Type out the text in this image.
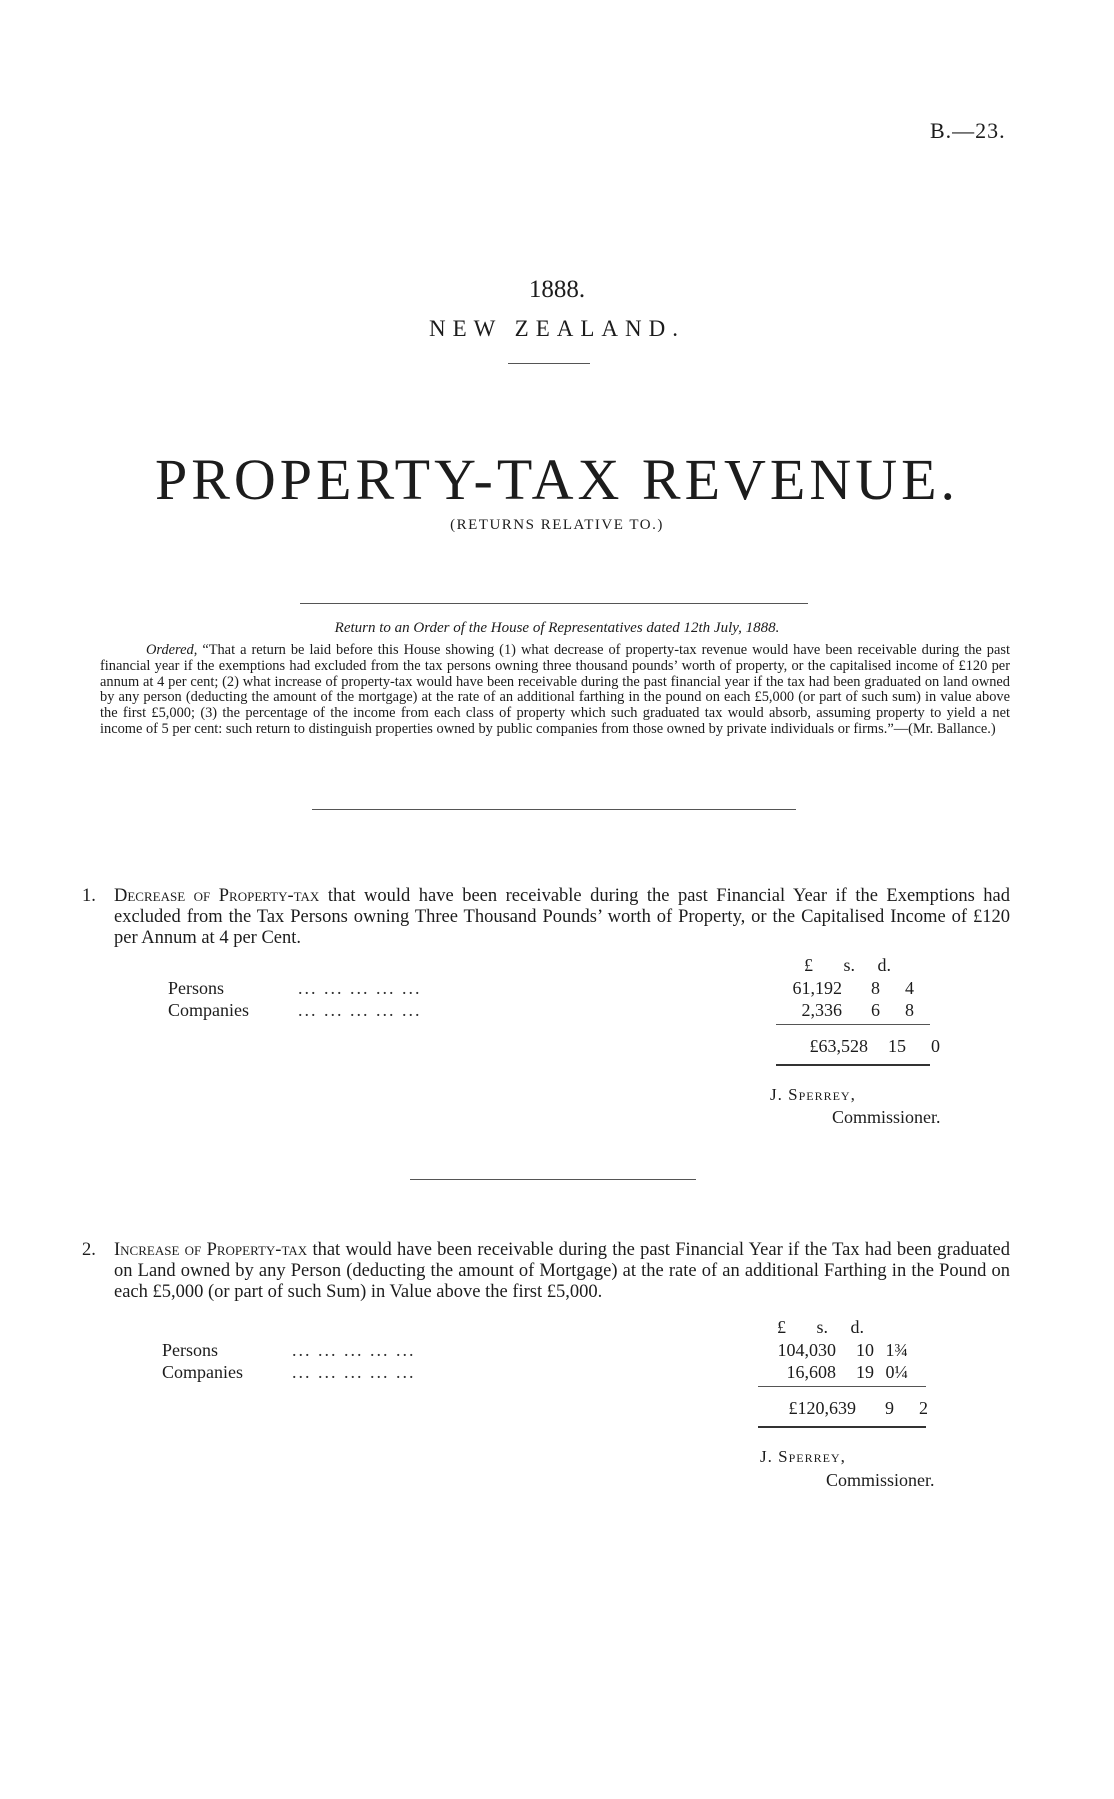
B.—23.
1888.
NEW ZEALAND.
PROPERTY-TAX REVENUE.
(RETURNS RELATIVE TO.)
Return to an Order of the House of Representatives dated 12th July, 1888.
Ordered, “That a return be laid before this House showing (1) what decrease of property-tax revenue would have been receivable during the past financial year if the exemptions had excluded from the tax persons owning three thousand pounds’ worth of property, or the capitalised income of £120 per annum at 4 per cent; (2) what increase of property-tax would have been receivable during the past financial year if the tax had been graduated on land owned by any person (deducting the amount of the mortgage) at the rate of an additional farthing in the pound on each £5,000 (or part of such sum) in value above the first £5,000; (3) the percentage of the income from each class of property which such graduated tax would absorb, assuming property to yield a net income of 5 per cent: such return to distinguish properties owned by public companies from those owned by private individuals or firms.”—(Mr. Ballance.)
1. Decrease of Property-tax that would have been receivable during the past Financial Year if the Exemptions had excluded from the Tax Persons owning Three Thousand Pounds’ worth of Property, or the Capitalised Income of £120 per Annum at 4 per Cent.
£ s. d.
Persons	... ... ... ... ...	61,192	8	4
Companies	... ... ... ... ...	2,336	6	8
£63,528	15	0
J. Sperrey,
Commissioner.
2. Increase of Property-tax that would have been receivable during the past Financial Year if the Tax had been graduated on Land owned by any Person (deducting the amount of Mortgage) at the rate of an additional Farthing in the Pound on each £5,000 (or part of such Sum) in Value above the first £5,000.
£ s. d.
Persons	... ... ... ... ...	104,030	10	1¾
Companies	... ... ... ... ...	16,608	19	0¼
£120,639	9	2
J. Sperrey,
Commissioner.
